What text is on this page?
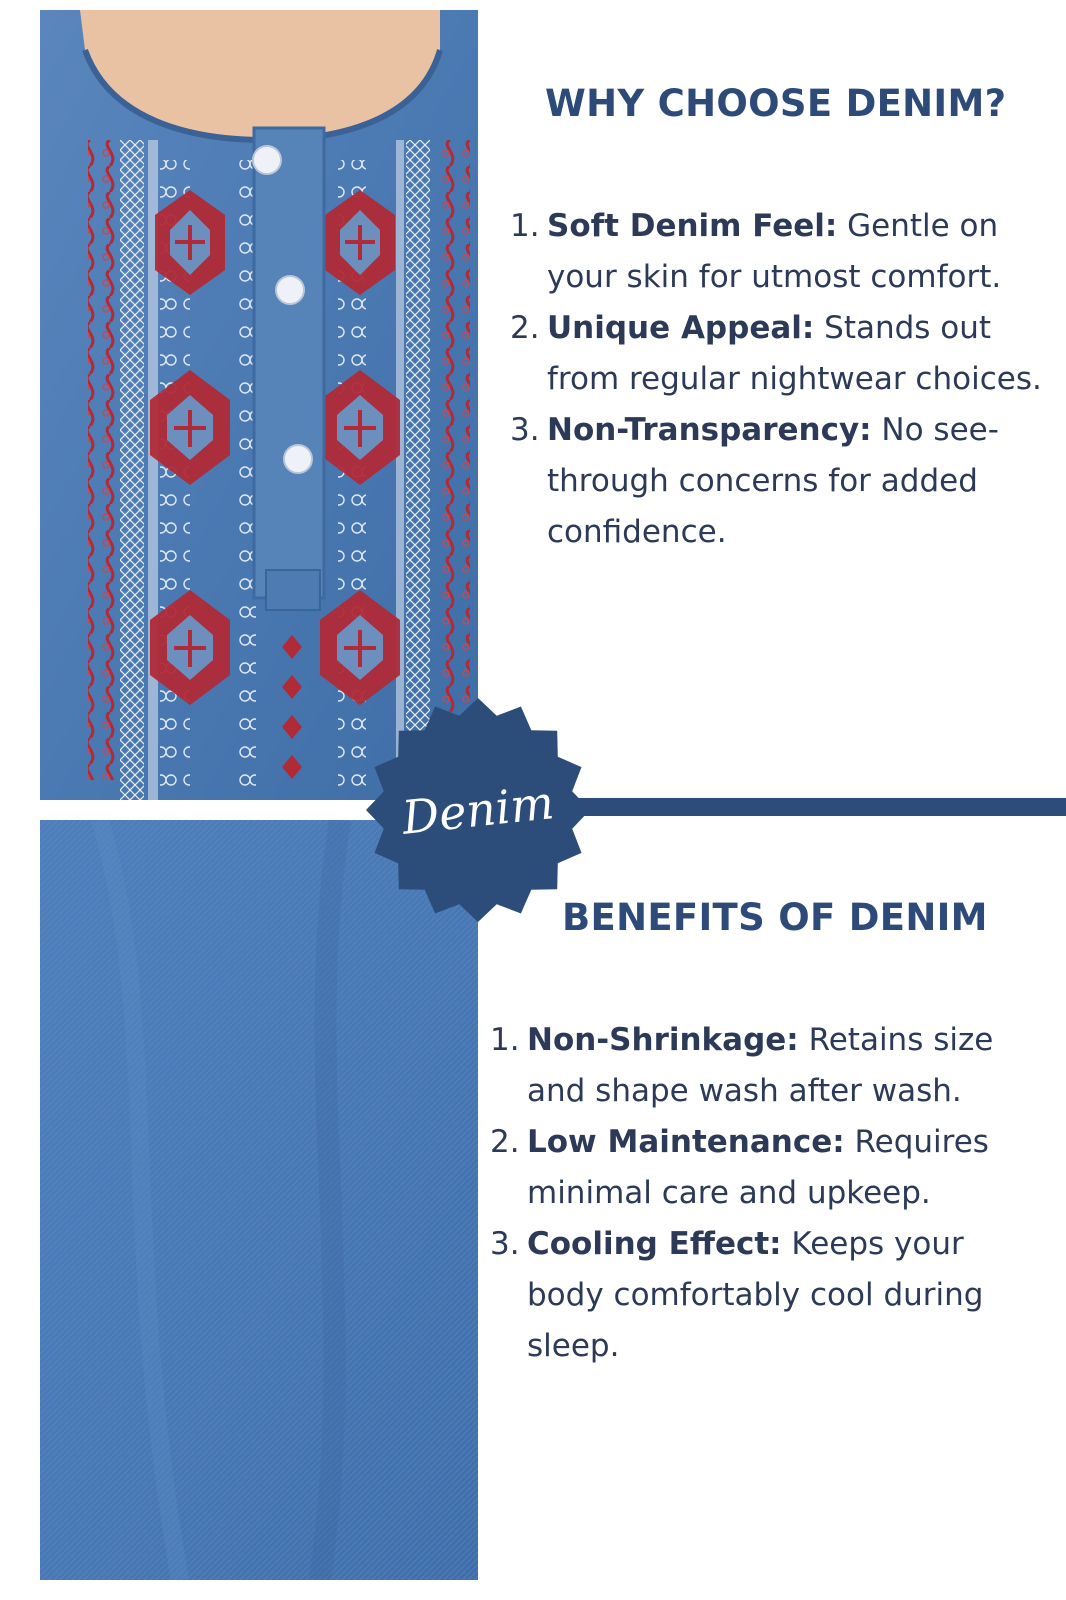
WHY CHOOSE DENIM?
1. Soft Denim Feel: Gentle on your skin for utmost comfort.
2. Unique Appeal: Stands out from regular nightwear choices.
3. Non-Transparency: No see-through concerns for added confidence.
Denim
BENEFITS OF DENIM
1. Non-Shrinkage: Retains size and shape wash after wash.
2. Low Maintenance: Requires minimal care and upkeep.
3. Cooling Effect: Keeps your body comfortably cool during sleep.
